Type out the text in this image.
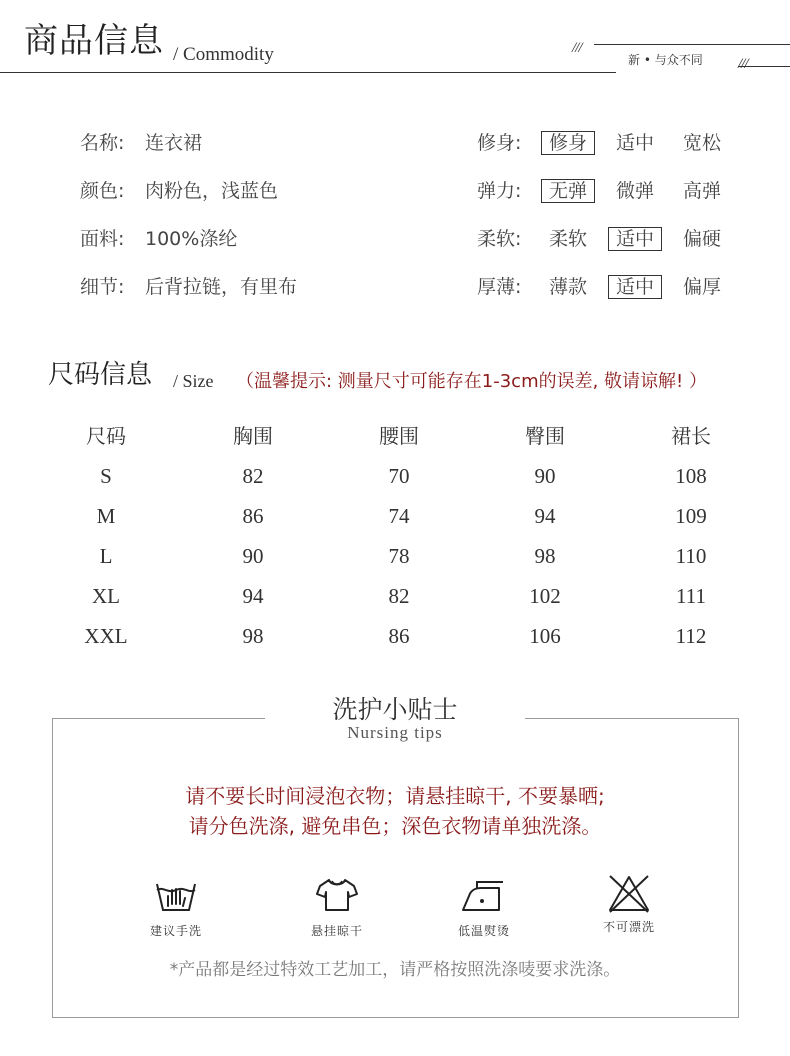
商品信息 / Commodity	///
新 • 与众不同 ///
名称: 连衣裙
颜色: 肉粉色，浅蓝色
面料: 100%涤纶
细节: 后背拉链，有里布
修身:	修身	适中 宽松
弹力:	无弹	微弹 高弹
柔软: 柔软	适中	偏硬
厚薄: 薄款	适中	偏厚
尺码信息 / Size （温馨提示: 测量尺寸可能存在1-3cm的误差, 敬请谅解! ）
尺码	胸围	腰围	臀围	裙长
S	82	70	90	108
M	86	74	94	109
L	90	78	98	110
XL	94	82	102	111
XXL	98	86	106	112
洗护小贴士
Nursing tips
请不要长时间浸泡衣物；请悬挂晾干, 不要暴晒;
请分色洗涤, 避免串色；深色衣物请单独洗涤。
建议手洗	悬挂晾干	低温熨烫	不可漂洗
*产品都是经过特效工艺加工，请严格按照洗涤唛要求洗涤。
